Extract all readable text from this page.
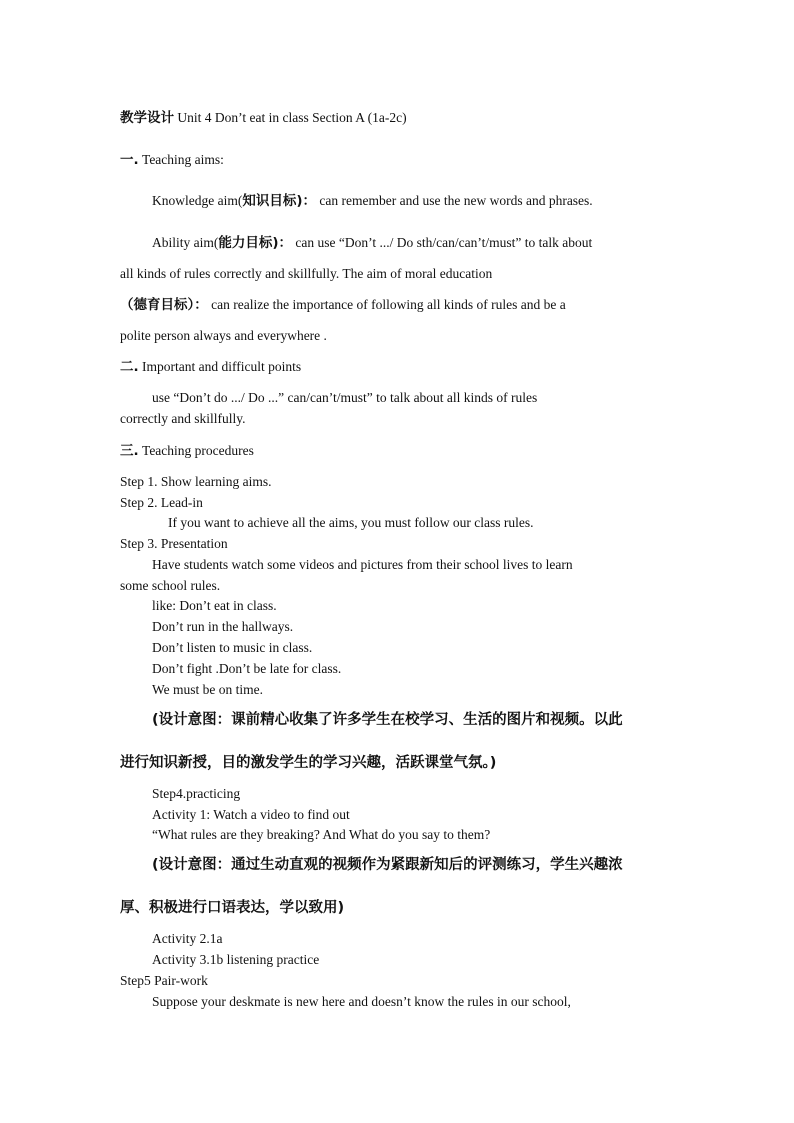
教学设计 Unit 4 Don’t eat in class Section A (1a-2c)
一. Teaching aims:
Knowledge aim(知识目标)： can remember and use the new words and phrases.
Ability aim(能力目标)： can use “Don’t .../ Do sth/can/can’t/must” to talk about
all kinds of rules correctly and skillfully. The aim of moral education
（德育目标）： can realize the importance of following all kinds of rules and be a
polite person always and everywhere .
二. Important and difficult points
use “Don’t do .../ Do ...” can/can’t/must” to talk about all kinds of rules
correctly and skillfully.
三. Teaching procedures
Step 1. Show learning aims.
Step 2. Lead-in
If you want to achieve all the aims, you must follow our class rules.
Step 3. Presentation
Have students watch some videos and pictures from their school lives to learn
some school rules.
like: Don’t eat in class.
Don’t run in the hallways.
Don’t listen to music in class.
Don’t fight .Don’t be late for class.
We must be on time.
(设计意图：课前精心收集了许多学生在校学习、生活的图片和视频。以此
进行知识新授，目的激发学生的学习兴趣，活跃课堂气氛。)
Step4.practicing
Activity 1: Watch a video to find out
“What rules are they breaking? And What do you say to them?
(设计意图：通过生动直观的视频作为紧跟新知后的评测练习，学生兴趣浓
厚、积极进行口语表达，学以致用)
Activity 2.1a
Activity 3.1b listening practice
Step5 Pair-work
Suppose your deskmate is new here and doesn’t know the rules in our school,
